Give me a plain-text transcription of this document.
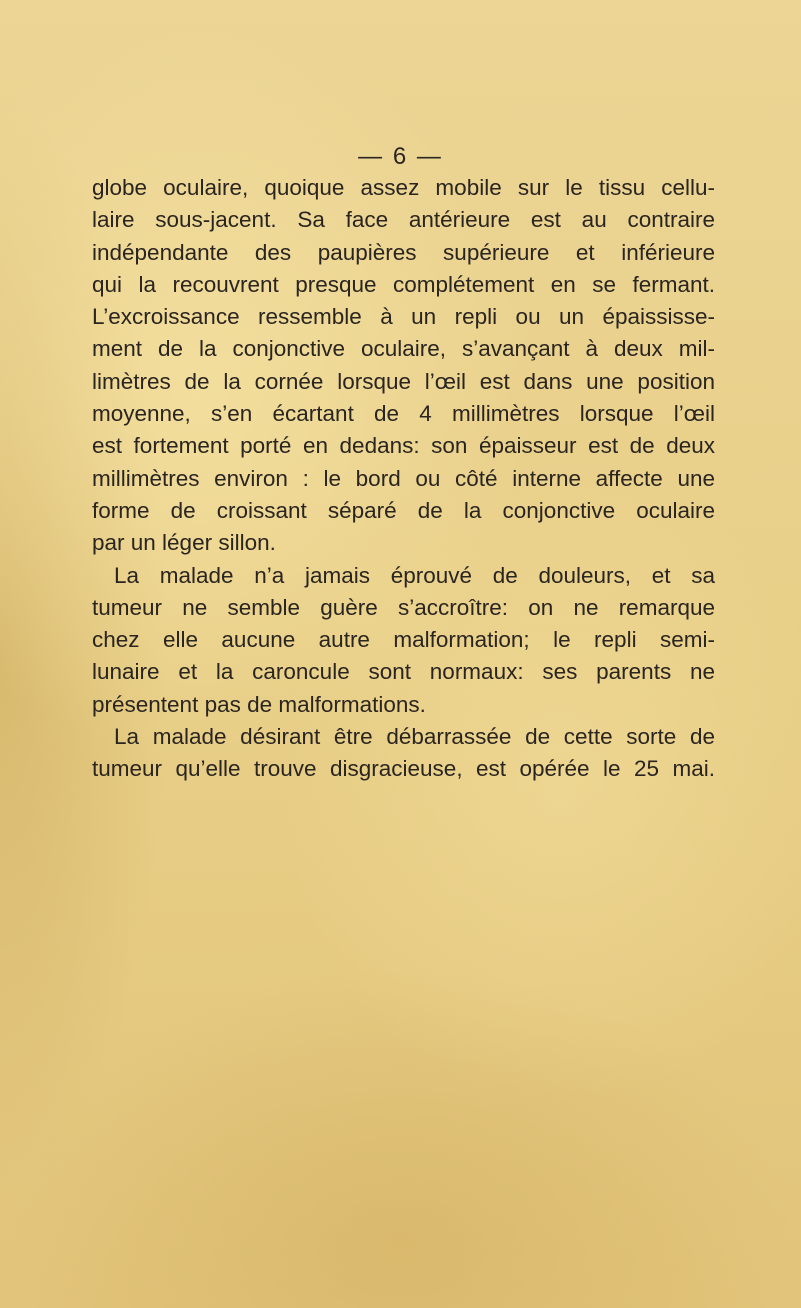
— 6 —
globe oculaire, quoique assez mobile sur le tissu cellu-
laire sous-jacent. Sa face antérieure est au contraire
indépendante des paupières supérieure et inférieure
qui la recouvrent presque complétement en se fermant.
L’excroissance ressemble à un repli ou un épaississe-
ment de la conjonctive oculaire, s’avançant à deux mil-
limètres de la cornée lorsque l’œil est dans une position
moyenne, s’en écartant de 4 millimètres lorsque l’œil
est fortement porté en dedans: son épaisseur est de deux
millimètres environ : le bord ou côté interne affecte une
forme de croissant séparé de la conjonctive oculaire
par un léger sillon.
La malade n’a jamais éprouvé de douleurs, et sa
tumeur ne semble guère s’accroître: on ne remarque
chez elle aucune autre malformation; le repli semi-
lunaire et la caroncule sont normaux: ses parents ne
présentent pas de malformations.
La malade désirant être débarrassée de cette sorte de
tumeur qu’elle trouve disgracieuse, est opérée le 25 mai.
